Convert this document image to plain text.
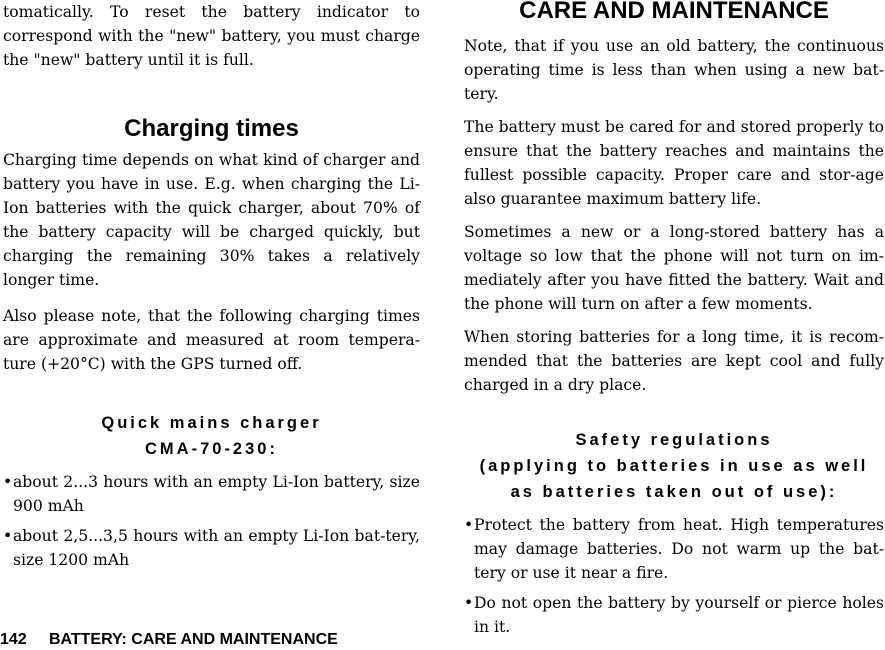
tomatically. To reset the battery indicator to correspond with the "new" battery, you must charge the "new" battery until it is full.

Charging times

Charging time depends on what kind of charger and battery you have in use. E.g. when charging the Li-Ion batteries with the quick charger, about 70% of the battery capacity will be charged quickly, but charging the remaining 30% takes a relatively longer time.

Also please note, that the following charging times are approximate and measured at room tempera-ture (+20°C) with the GPS turned off.

Quick mains charger
CMA-70-230:
• about 2...3 hours with an empty Li-Ion battery, size 900 mAh
• about 2,5...3,5 hours with an empty Li-Ion bat-tery, size 1200 mAh
CARE AND MAINTENANCE

Note, that if you use an old battery, the continuous operating time is less than when using a new bat-tery.

The battery must be cared for and stored properly to ensure that the battery reaches and maintains the fullest possible capacity. Proper care and stor-age also guarantee maximum battery life.

Sometimes a new or a long-stored battery has a voltage so low that the phone will not turn on im-mediately after you have fitted the battery. Wait and the phone will turn on after a few moments.

When storing batteries for a long time, it is recom-mended that the batteries are kept cool and fully charged in a dry place.

Safety regulations
(applying to batteries in use as well
as batteries taken out of use):
• Protect the battery from heat. High temperatures may damage batteries. Do not warm up the bat-tery or use it near a fire.
• Do not open the battery by yourself or pierce holes in it.
142 BATTERY: CARE AND MAINTENANCE
